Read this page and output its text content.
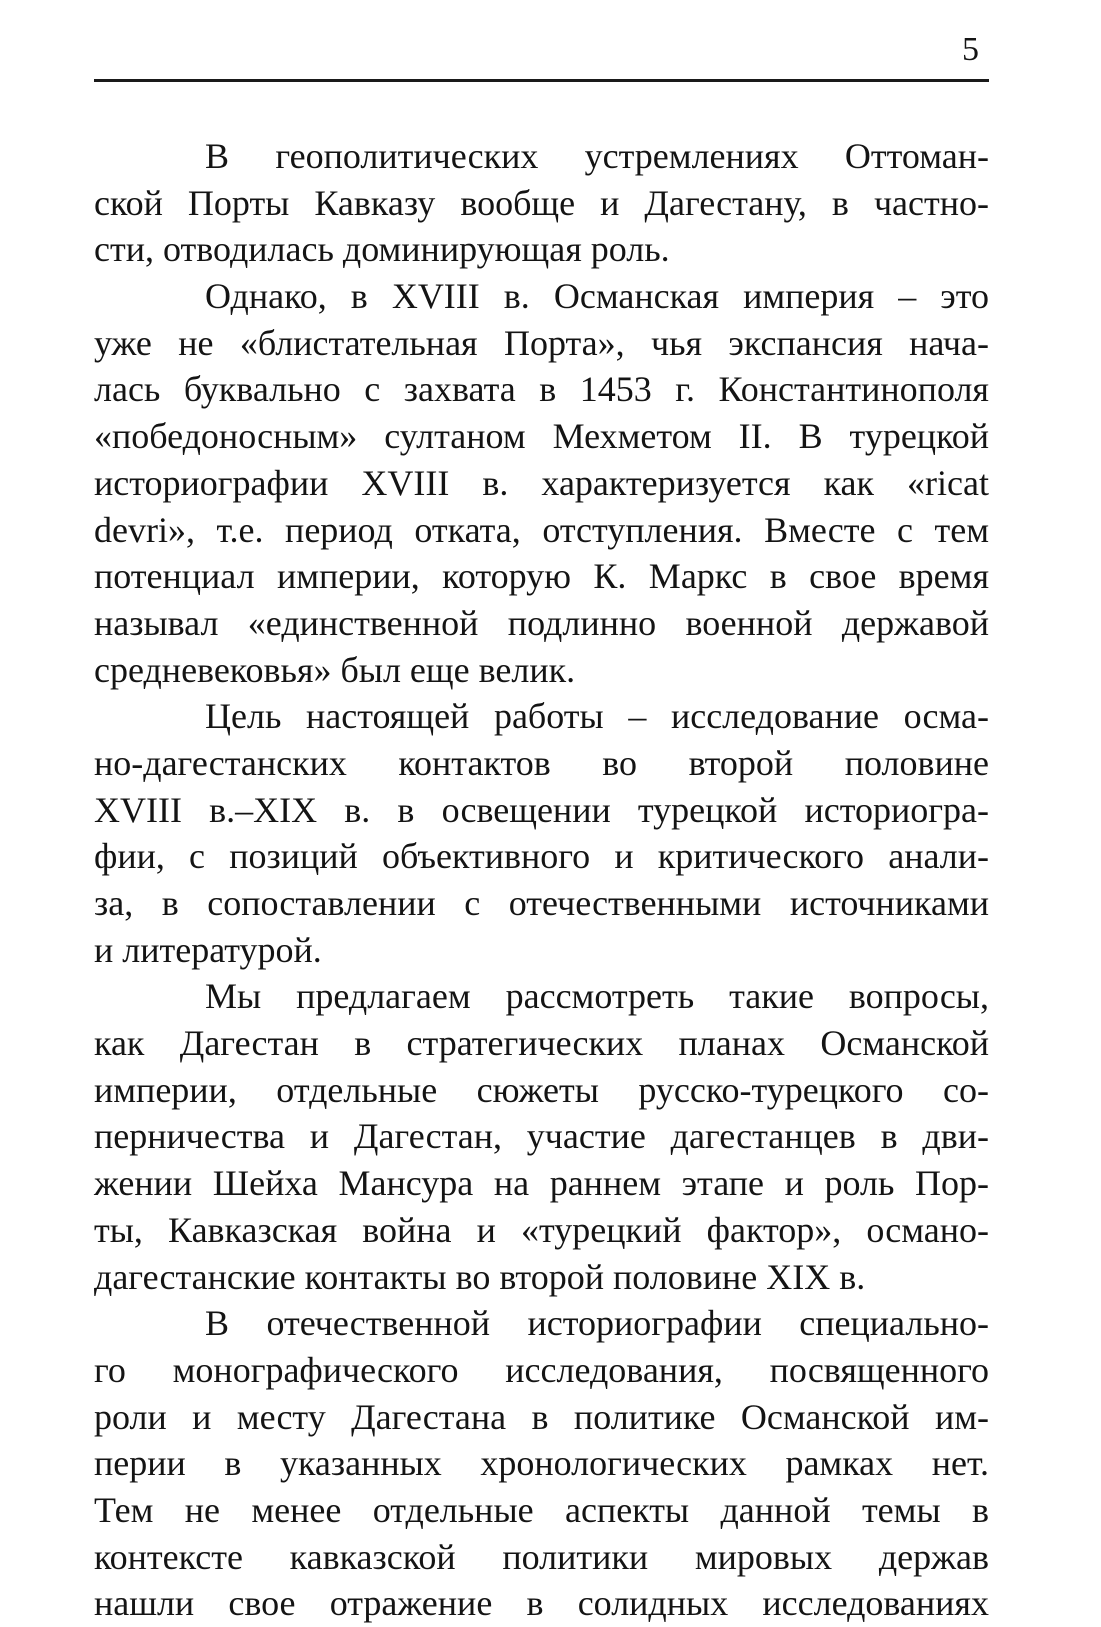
5

В геополитических устремлениях Оттоман-
ской Порты Кавказу вообще и Дагестану, в частно-
сти, отводилась доминирующая роль.

Однако, в XVIII в. Османская империя – это
уже не «блистательная Порта», чья экспансия нача-
лась буквально с захвата в 1453 г. Константинополя
«победоносным» султаном Мехметом II. В турецкой
историографии XVIII в. характеризуется как «ricat
devri», т.е. период отката, отступления. Вместе с тем
потенциал империи, которую К. Маркс в свое время
называл «единственной подлинно военной державой
средневековья» был еще велик.

Цель настоящей работы – исследование осма-
но-дагестанских контактов во второй половине
XVIII в.–XIX в. в освещении турецкой историогра-
фии, с позиций объективного и критического анали-
за, в сопоставлении с отечественными источниками
и литературой.

Мы предлагаем рассмотреть такие вопросы,
как Дагестан в стратегических планах Османской
империи, отдельные сюжеты русско-турецкого со-
перничества и Дагестан, участие дагестанцев в дви-
жении Шейха Мансура на раннем этапе и роль Пор-
ты, Кавказская война и «турецкий фактор», османо-
дагестанские контакты во второй половине XIX в.

В отечественной историографии специально-
го монографического исследования, посвященного
роли и месту Дагестана в политике Османской им-
перии в указанных хронологических рамках нет.
Тем не менее отдельные аспекты данной темы в
контексте кавказской политики мировых держав
нашли свое отражение в солидных исследованиях
